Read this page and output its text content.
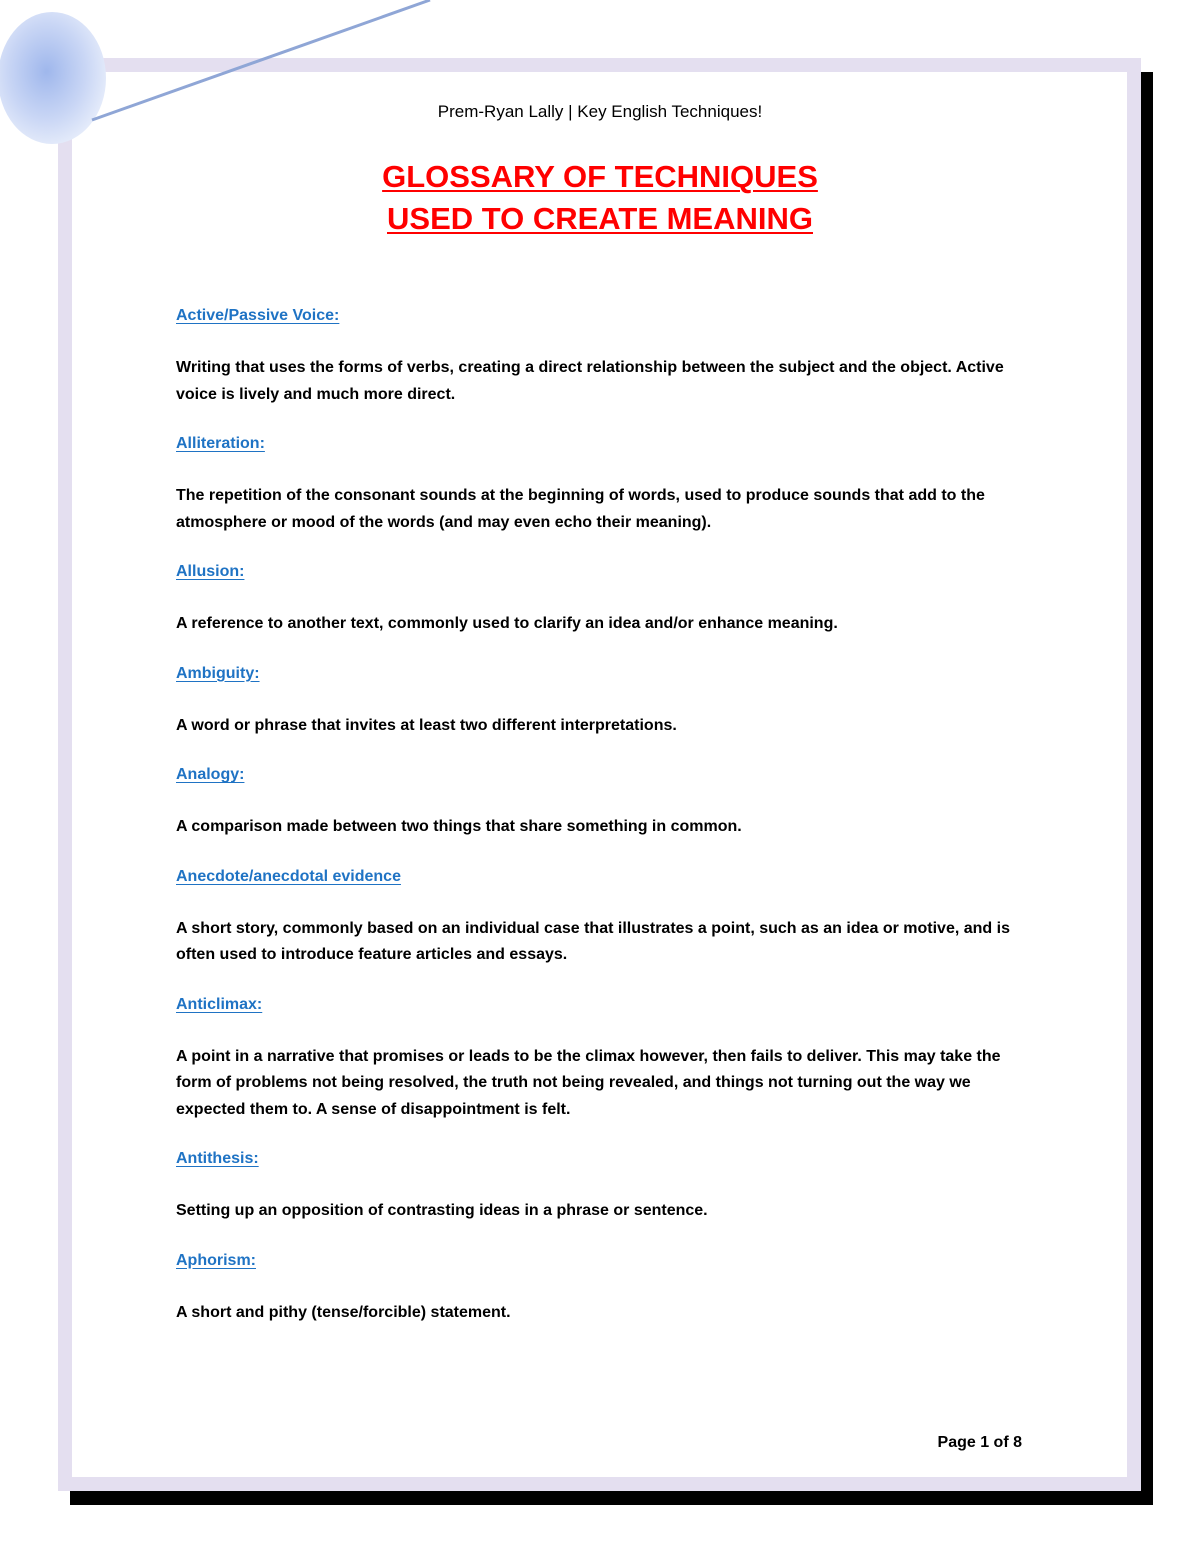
Prem-Ryan Lally | Key English Techniques!
GLOSSARY OF TECHNIQUES
USED TO CREATE MEANING

Active/Passive Voice:

Writing that uses the forms of verbs, creating a direct relationship between the subject and the object. Active voice is lively and much more direct.

Alliteration:

The repetition of the consonant sounds at the beginning of words, used to produce sounds that add to the atmosphere or mood of the words (and may even echo their meaning).

Allusion:

A reference to another text, commonly used to clarify an idea and/or enhance meaning.

Ambiguity:

A word or phrase that invites at least two different interpretations.

Analogy:

A comparison made between two things that share something in common.

Anecdote/anecdotal evidence

A short story, commonly based on an individual case that illustrates a point, such as an idea or motive, and is often used to introduce feature articles and essays.

Anticlimax:

A point in a narrative that promises or leads to be the climax however, then fails to deliver. This may take the form of problems not being resolved, the truth not being revealed, and things not turning out the way we expected them to. A sense of disappointment is felt.

Antithesis:

Setting up an opposition of contrasting ideas in a phrase or sentence.

Aphorism:

A short and pithy (tense/forcible) statement.

Page 1 of 8
